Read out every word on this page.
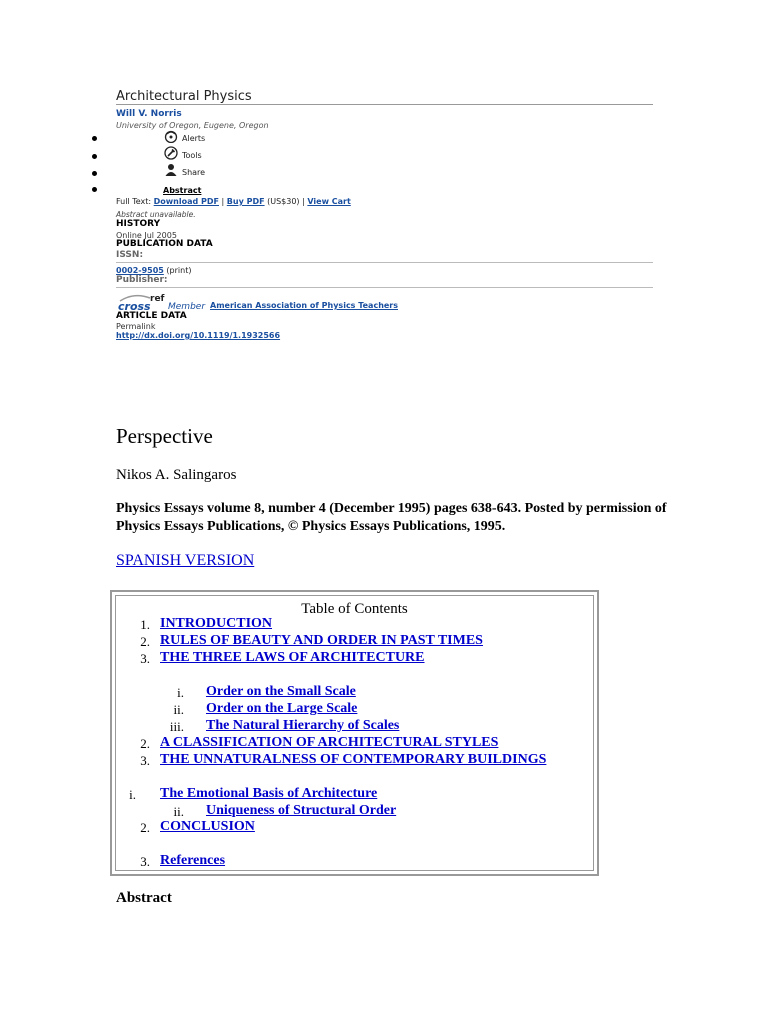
Architectural Physics
Will V. Norris
University of Oregon, Eugene, Oregon
Alerts
Tools
Share
Abstract
Full Text: Download PDF | Buy PDF (US$30) | View Cart
Abstract unavailable.
HISTORY
Online Jul 2005
PUBLICATION DATA
ISSN:
0002-9505 (print)
Publisher:
cross
ref
Member American Association of Physics Teachers
ARTICLE DATA
Permalink
http://dx.doi.org/10.1119/1.1932566
Perspective
Nikos A. Salingaros
Physics Essays volume 8, number 4 (December 1995) pages 638-643. Posted by permission of Physics Essays Publications, © Physics Essays Publications, 1995.
SPANISH VERSION
Table of Contents
1. INTRODUCTION
2. RULES OF BEAUTY AND ORDER IN PAST TIMES
3. THE THREE LAWS OF ARCHITECTURE
i. Order on the Small Scale
ii. Order on the Large Scale
iii. The Natural Hierarchy of Scales
2. A CLASSIFICATION OF ARCHITECTURAL STYLES
3. THE UNNATURALNESS OF CONTEMPORARY BUILDINGS
i. The Emotional Basis of Architecture
ii. Uniqueness of Structural Order
2. CONCLUSION
3. References
Abstract
